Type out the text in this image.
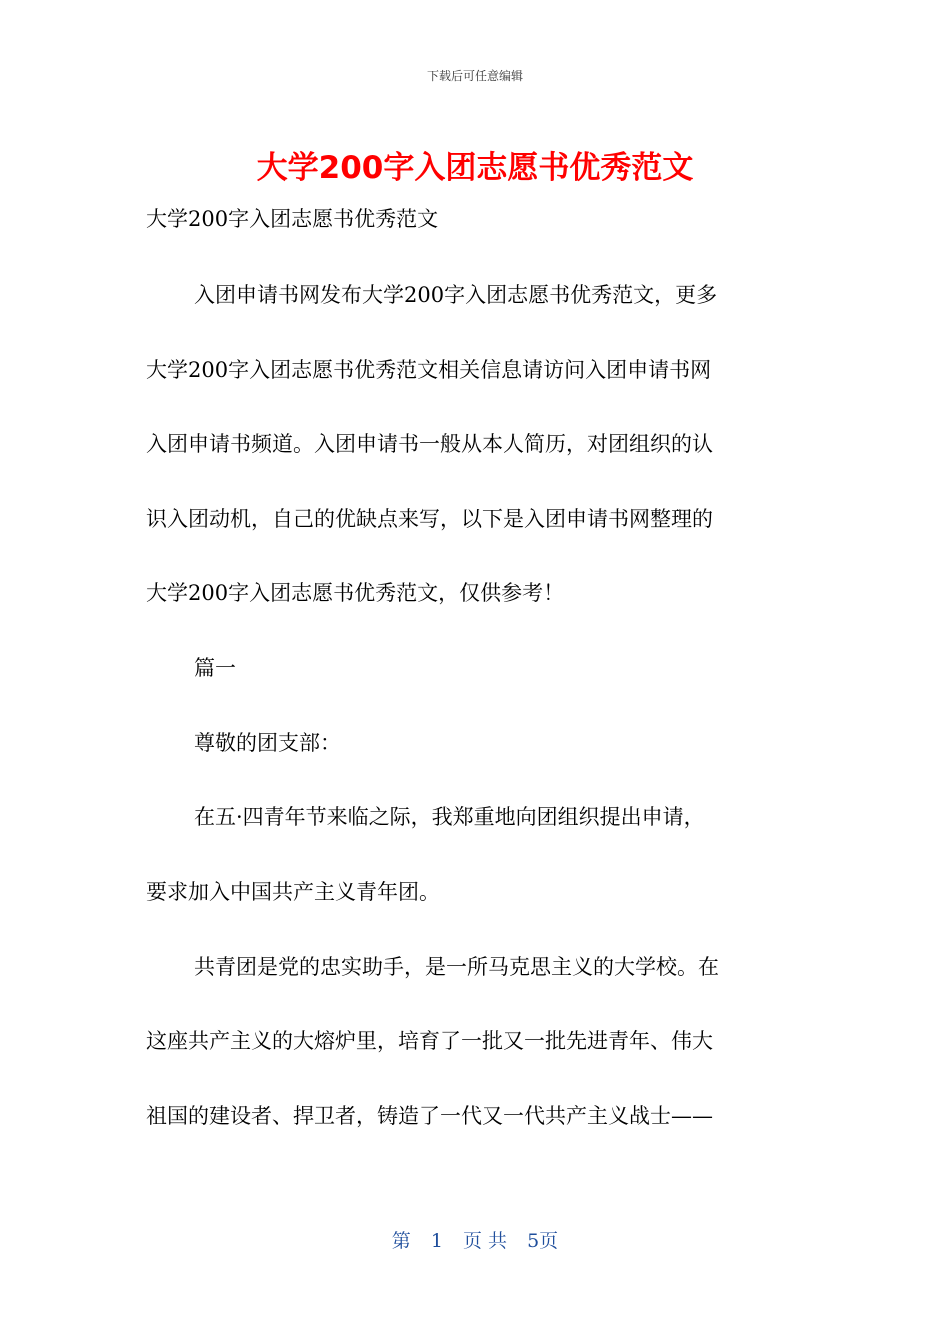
下载后可任意编辑
大学200字入团志愿书优秀范文
大学200字入团志愿书优秀范文
入团申请书网发布大学200字入团志愿书优秀范文，更多
大学200字入团志愿书优秀范文相关信息请访问入团申请书网
入团申请书频道。入团申请书一般从本人简历，对团组织的认
识入团动机，自己的优缺点来写，以下是入团申请书网整理的
大学200字入团志愿书优秀范文，仅供参考！
篇一
尊敬的团支部：
在五·四青年节来临之际，我郑重地向团组织提出申请，
要求加入中国共产主义青年团。
共青团是党的忠实助手，是一所马克思主义的大学校。在
这座共产主义的大熔炉里，培育了一批又一批先进青年、伟大
祖国的建设者、捍卫者，铸造了一代又一代共产主义战士——
第 1 页 共 5页
